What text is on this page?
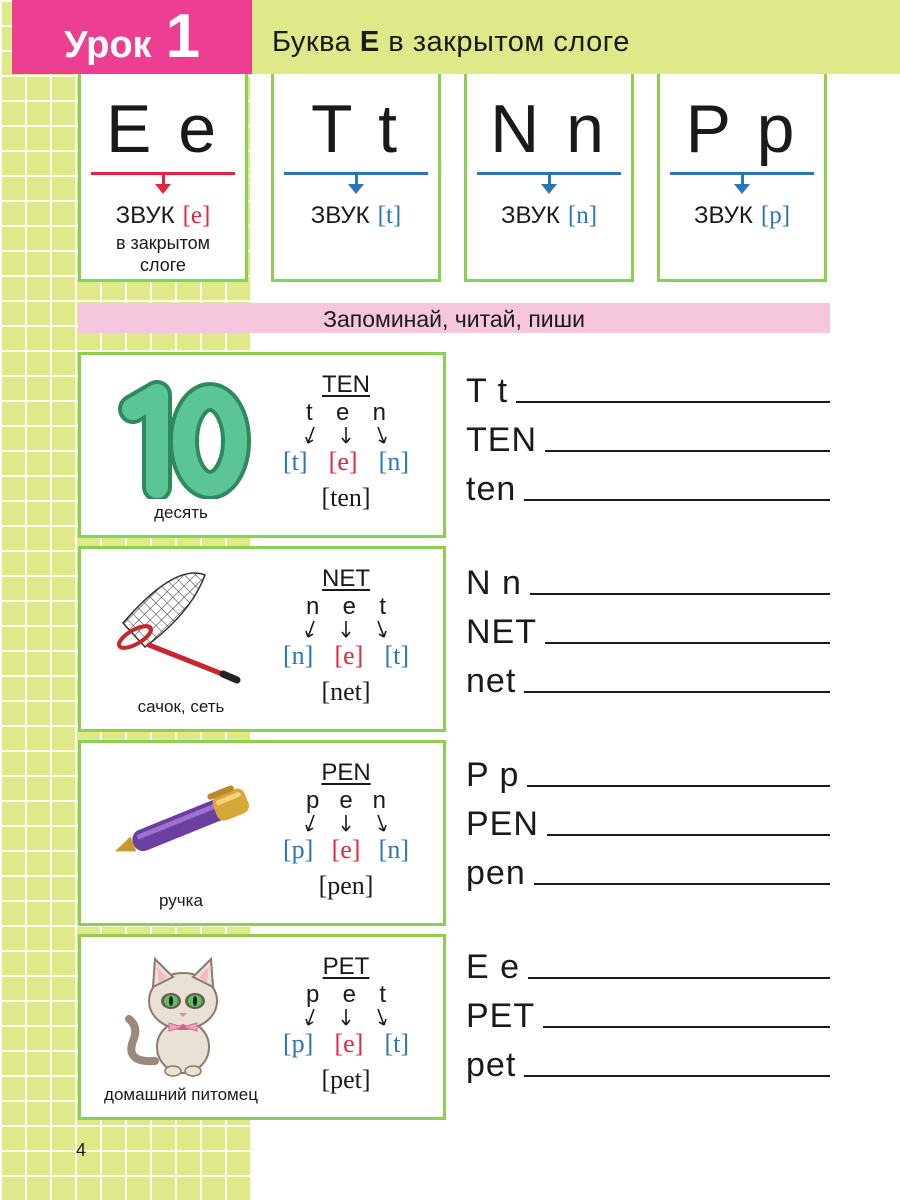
Урок 1 Буква E в закрытом слоге
E e
ЗВУК [e]
в закрытом
слоге
T t
ЗВУК [t]
N n
ЗВУК [n]
P p
ЗВУК [p]
Запоминай, читай, пиши
десять
TEN
t e n
[t] [e] [n]
[ten]
сачок, сеть
NET
n e t
[n] [e] [t]
[net]
ручка
PEN
p e n
[p] [e] [n]
[pen]
домашний питомец
PET
p e t
[p] [e] [t]
[pet]
T t
TEN
ten
N n
NET
net
P p
PEN
pen
E e
PET
pet
4
